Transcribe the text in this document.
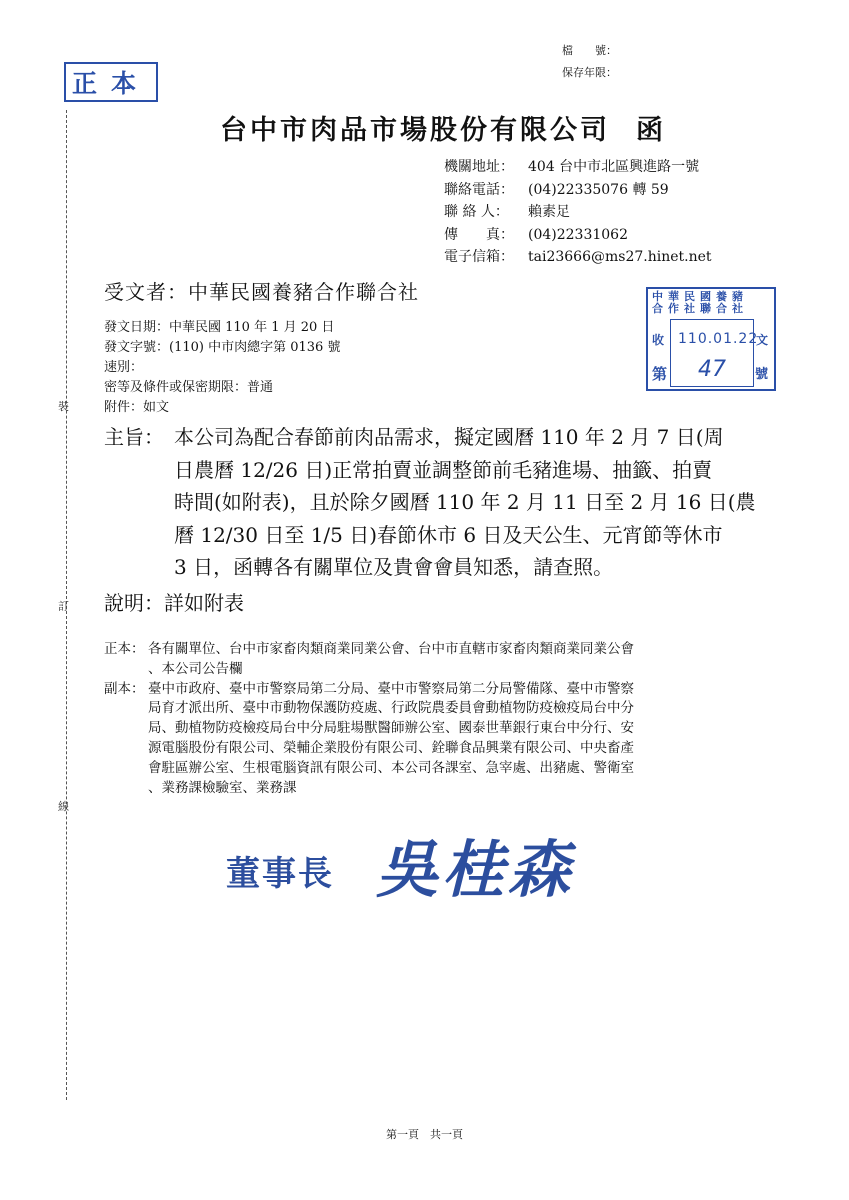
檔　　號：
保存年限：
正本
裝
訂
線
台中市肉品市場股份有限公司 函
機關地址： 404 台中市北區興進路一號
聯絡電話： (04)22335076 轉 59
聯 絡 人： 賴素足
傳　　真： (04)22331062
電子信箱： tai23666@ms27.hinet.net
受文者：中華民國養豬合作聯合社
發文日期：中華民國 110 年 1 月 20 日
發文字號：(110) 中市肉總字第 0136 號
速別：
密等及條件或保密期限：普通
附件：如文
中華民國養豬
合作社聯合社
收	文
第	號
110.01.22
47
主旨： 本公司為配合春節前肉品需求，擬定國曆 110 年 2 月 7 日(周
日農曆 12/26 日)正常拍賣並調整節前毛豬進場、抽籤、拍賣
時間(如附表)，且於除夕國曆 110 年 2 月 11 日至 2 月 16 日(農
曆 12/30 日至 1/5 日)春節休市 6 日及天公生、元宵節等休市
3 日，函轉各有關單位及貴會會員知悉，請查照。
說明：詳如附表
正本： 各有關單位、台中市家畜肉類商業同業公會、台中市直轄市家畜肉類商業同業公會
、本公司公告欄
副本： 臺中市政府、臺中市警察局第二分局、臺中市警察局第二分局警備隊、臺中市警察
局育才派出所、臺中市動物保護防疫處、行政院農委員會動植物防疫檢疫局台中分
局、動植物防疫檢疫局台中分局駐場獸醫師辦公室、國泰世華銀行東台中分行、安
源電腦股份有限公司、榮輔企業股份有限公司、銓聯食品興業有限公司、中央畜產
會駐區辦公室、生根電腦資訊有限公司、本公司各課室、急宰處、出豬處、警衛室
、業務課檢驗室、業務課
董事長 吳桂森
第一頁　共一頁
